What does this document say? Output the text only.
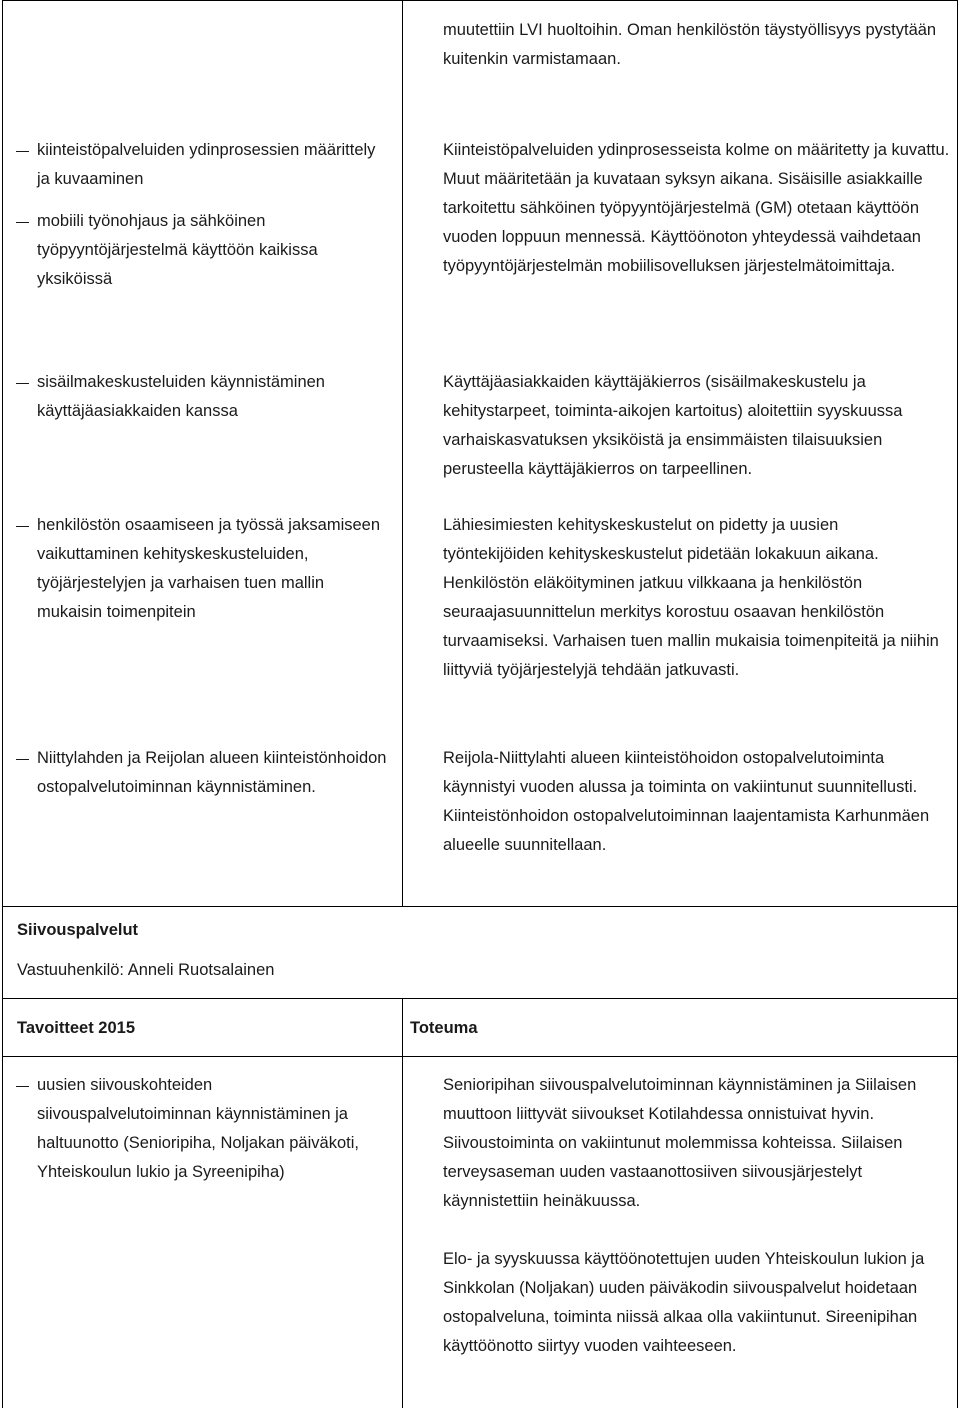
muutettiin LVI huoltoihin. Oman henkilöstön täystyöllisyys pystytään kuitenkin varmistamaan.
kiinteistöpalveluiden ydinprosessien määrittely ja kuvaaminen
mobiili työnohjaus ja sähköinen työpyyntöjärjestelmä käyttöön kaikissa yksiköissä
Kiinteistöpalveluiden ydinprosesseista kolme on määritetty ja kuvattu. Muut määritetään ja kuvataan syksyn aikana. Sisäisille asiakkaille tarkoitettu sähköinen työpyyntöjärjestelmä (GM) otetaan käyttöön vuoden loppuun mennessä. Käyttöönoton yhteydessä vaihdetaan työpyyntöjärjestelmän mobiilisovelluksen järjestelmätoimittaja.
sisäilmakeskusteluiden käynnistäminen käyttäjäasiakkaiden kanssa
Käyttäjäasiakkaiden käyttäjäkierros (sisäilmakeskustelu ja kehitystarpeet, toiminta-aikojen kartoitus) aloitettiin syyskuussa varhaiskasvatuksen yksiköistä ja ensimmäisten tilaisuuksien perusteella käyttäjäkierros on tarpeellinen.
henkilöstön osaamiseen ja työssä jaksamiseen vaikuttaminen kehityskeskusteluiden, työjärjestelyjen ja varhaisen tuen mallin mukaisin toimenpitein
Lähiesimiesten kehityskeskustelut on pidetty ja uusien työntekijöiden kehityskeskustelut pidetään lokakuun aikana. Henkilöstön eläköityminen jatkuu vilkkaana ja henkilöstön seuraajasuunnittelun merkitys korostuu osaavan henkilöstön turvaamiseksi. Varhaisen tuen mallin mukaisia toimenpiteitä ja niihin liittyviä työjärjestelyjä tehdään jatkuvasti.
Niittylahden ja Reijolan alueen kiinteistönhoidon ostopalvelutoiminnan käynnistäminen.
Reijola-Niittylahti alueen kiinteistöhoidon ostopalvelutoiminta käynnistyi vuoden alussa ja toiminta on vakiintunut suunnitellusti. Kiinteistönhoidon ostopalvelutoiminnan laajentamista Karhunmäen alueelle suunnitellaan.
Siivouspalvelut
Vastuuhenkilö: Anneli Ruotsalainen
Tavoitteet 2015	Toteuma
uusien siivouskohteiden siivouspalvelutoiminnan käynnistäminen ja haltuunotto (Senioripiha, Noljakan päiväkoti, Yhteiskoulun lukio ja Syreenipiha)
Senioripihan siivouspalvelutoiminnan käynnistäminen ja Siilaisen muuttoon liittyvät siivoukset Kotilahdessa onnistuivat hyvin. Siivoustoiminta on vakiintunut molemmissa kohteissa. Siilaisen terveysaseman uuden vastaanottosiiven siivousjärjestelyt käynnistettiin heinäkuussa.
Elo- ja syyskuussa käyttöönotettujen uuden Yhteiskoulun lukion ja Sinkkolan (Noljakan) uuden päiväkodin siivouspalvelut hoidetaan ostopalveluna, toiminta niissä alkaa olla vakiintunut. Sireenipihan käyttöönotto siirtyy vuoden vaihteeseen.
